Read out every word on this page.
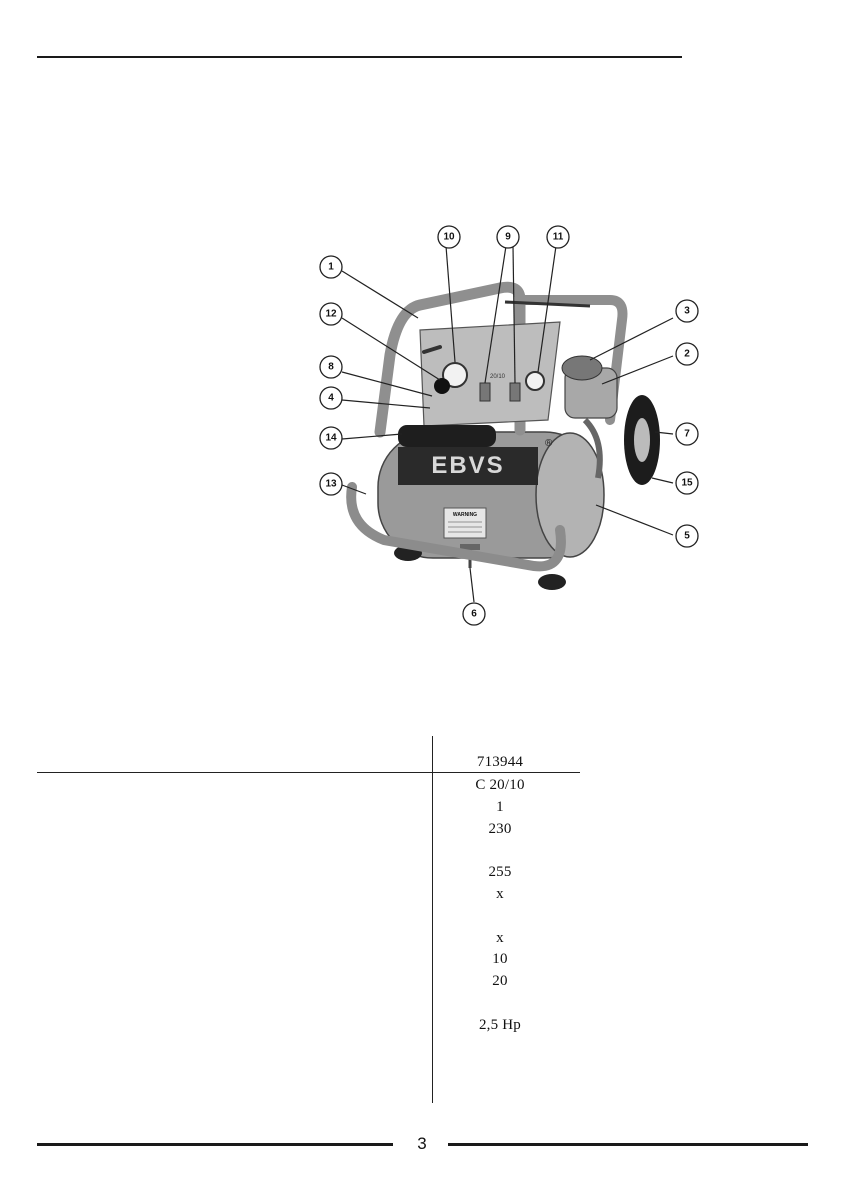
EBVS
®
WARNING
20/10
1
2
3
4
5
6
7
8
9
10	11
12
13
14
15
713944
C 20/10
1
230
255
x
x
10
20
2,5 Hp
3
